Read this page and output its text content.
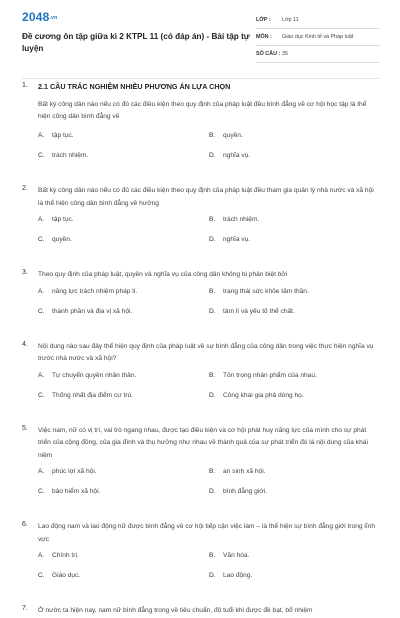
2048.vn
Đề cương ôn tập giữa kì 2 KTPL 11 (có đáp án) - Bài tập tự luyện
LỚP :	Lớp 11
MÔN :	Giáo dục Kinh tế và Pháp luật
SỐ CÂU : 35
1. 2.1 CÂU TRẮC NGHIỆM NHIỀU PHƯƠNG ÁN LỰA CHỌN
Bất kỳ công dân nào nếu có đủ các điều kiện theo quy định của pháp luật đều bình đẳng về cơ hội học tập là thể hiện công dân bình đẳng về
A.	tập tục.	B.	quyền.
C.	trách nhiệm.	D.	nghĩa vụ.
2. Bất kỳ công dân nào nếu có đủ các điều kiện theo quy định của pháp luật đều tham gia quản lý nhà nước và xã hội là thể hiện công dân bình đẳng về hưởng
A.	tập tục.	B.	trách nhiệm.
C.	quyền.	D.	nghĩa vụ.
3. Theo quy định của pháp luật, quyền và nghĩa vụ của công dân không bị phân biệt bởi
A.	năng lực trách nhiệm pháp lí.	B.	trạng thái sức khỏe tâm thần.
C.	thành phần và địa vị xã hội.	D.	tâm lí và yếu tố thể chất.
4. Nội dung nào sau đây thể hiện quy định của pháp luật về sự bình đẳng của công dân trong việc thực hiện nghĩa vụ trước nhà nước và xã hội?
A.	Tự chuyển quyền nhân thân.	B.	Tôn trọng nhân phẩm của nhau.
C.	Thống nhất địa điểm cư trú.	D.	Công khai gia phả dòng họ.
5. Việc nam, nữ có vị trí, vai trò ngang nhau, được tạo điều kiện và cơ hội phát huy năng lực của mình cho sự phát triển của cộng đồng, của gia đình và thụ hưởng như nhau về thành quả của sự phát triển đó là nội dung của khái niệm
A.	phúc lợi xã hội.	B.	an sinh xã hội.
C.	bảo hiểm xã hội.	D.	bình đẳng giới.
6. Lao động nam và lao động nữ được bình đẳng về cơ hội tiếp cận việc làm – là thể hiện sự bình đẳng giới trong lĩnh vực
A.	Chính trị.	B.	Văn hóa.
C.	Giáo dục.	D.	Lao động.
7. Ở nước ta hiện nay, nam nữ bình đẳng trong về tiêu chuẩn, độ tuổi khi được đề bạt, bổ nhiệm
